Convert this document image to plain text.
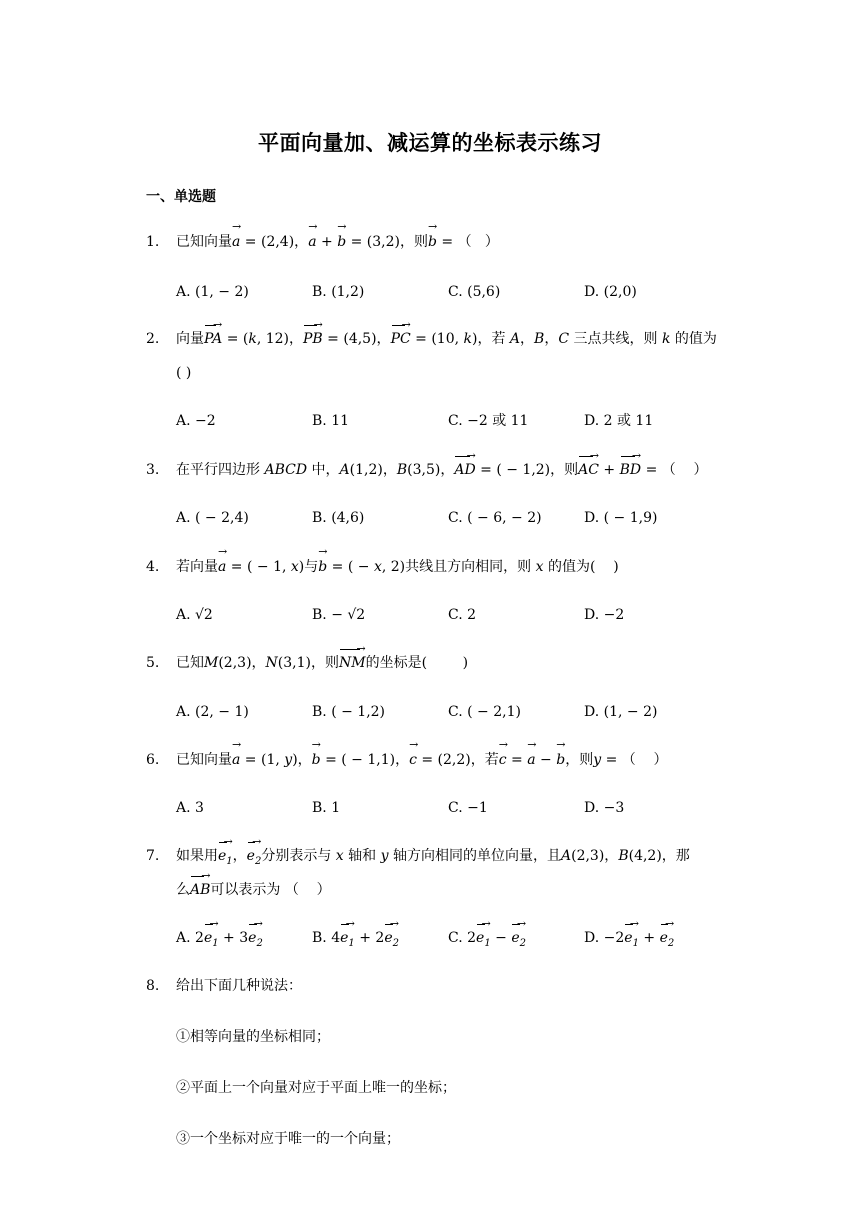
平面向量加、减运算的坐标表示练习
一、单选题
1. 已知向量→ a = (2,4)，→ a + → b = (3,2)，则→ b = （   ）
A. (1, − 2)	B. (1,2)	C. (5,6)	D. (2,0)
2. 向量→ PA = (k, 12)，→ PB = (4,5)，→ PC = (10, k)，若 A，B，C 三点共线，则 k 的值为
( )
A. −2	B. 11	C. −2 或 11	D. 2 或 11
3. 在平行四边形 ABCD 中，A(1,2)，B(3,5)，→ AD = ( − 1,2)，则→ AC + → BD = （    ）
A. ( − 2,4)	B. (4,6)	C. ( − 6, − 2)	D. ( − 1,9)
4. 若向量→ a = ( − 1, x)与→ b = ( − x, 2)共线且方向相同，则 x 的值为(    )
A. √2	B. − √2	C. 2	D. −2
5. 已知M(2,3)，N(3,1)，则→ NM的坐标是(        )
A. (2, − 1)	B. ( − 1,2)	C. ( − 2,1)	D. (1, − 2)
6. 已知向量→ a = (1, y)，→ b = ( − 1,1)，→ c = (2,2)，若→ c = → a − → b，则y = （    ）
A. 3	B. 1	C. −1	D. −3
7. 如果用→ $e_1$，→ $e_2$分别表示与 x 轴和 y 轴方向相同的单位向量，且A(2,3)，B(4,2)，那
么→ AB可以表示为 （    ）
A. $2\to e_1 + 3\to e_2$	B. $4\to e_1 + 2\to e_2$	C. $2\to e_1$ − → $e_2$	D. $-2\to e_1$ + → $e_2$
8. 给出下面几种说法：
①相等向量的坐标相同；
②平面上一个向量对应于平面上唯一的坐标；
③一个坐标对应于唯一的一个向量；
